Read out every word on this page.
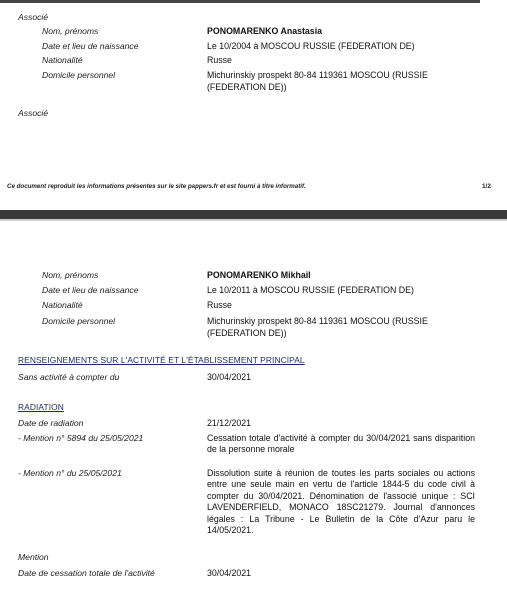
Associé
Nom, prénoms	PONOMARENKO Anastasia
Date et lieu de naissance	Le 10/2004 à MOSCOU RUSSIE (FEDERATION DE)
Nationalité	Russe
Domicile personnel	Michurinskiy prospekt 80-84 119361 MOSCOU (RUSSIE
(FEDERATION DE))
Associé
Ce document reproduit les informations présentes sur le site pappers.fr et est fourni à titre informatif.	1/2
Nom, prénoms	PONOMARENKO Mikhail
Date et lieu de naissance	Le 10/2011 à MOSCOU RUSSIE (FEDERATION DE)
Nationalité	Russe
Domicile personnel	Michurinskiy prospekt 80-84 119361 MOSCOU (RUSSIE
(FEDERATION DE))
RENSEIGNEMENTS SUR L'ACTIVITÉ ET L'ÉTABLISSEMENT PRINCIPAL
Sans activité à compter du	30/04/2021
RADIATION
Date de radiation	21/12/2021
- Mention n° 5894 du 25/05/2021	Cessation totale d'activité à compter du 30/04/2021 sans disparition de la personne morale
- Mention n° du 25/05/2021	Dissolution suite à réunion de toutes les parts sociales ou actions entre une seule main en vertu de l'article 1844-5 du code civil à compter du 30/04/2021. Dénomination de l'associé unique : SCI LAVENDERFIELD, MONACO 18SC21279. Journal d'annonces légales : La Tribune - Le Bulletin de la Côte d'Azur paru le 14/05/2021.
Mention
Date de cessation totale de l'activité	30/04/2021
